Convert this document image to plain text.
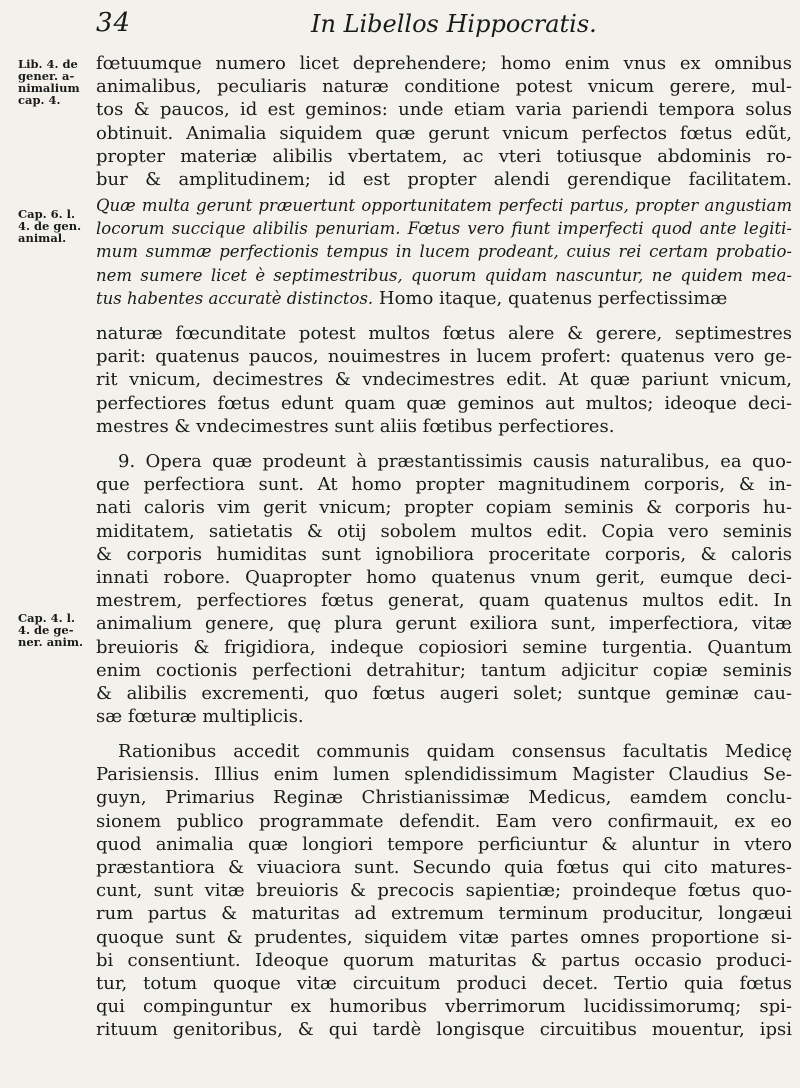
34	In Libellos Hippocratis.
Lib. 4. de
gener. a-
nimalium
cap. 4.
Cap. 6. l.
4. de gen.
animal.
Cap. 4. l.
4. de ge-
ner. anim.
fœtuumque numero licet deprehendere; homo enim vnus ex omnibus
animalibus, peculiaris naturæ conditione potest vnicum gerere, mul-
tos & paucos, id est geminos: unde etiam varia pariendi tempora solus
obtinuit. Animalia siquidem quæ gerunt vnicum perfectos fœtus edũt,
propter materiæ alibilis vbertatem, ac vteri totiusque abdominis ro-
bur & amplitudinem; id est propter alendi gerendique facilitatem.
Quæ multa gerunt præuertunt opportunitatem perfecti partus, propter angustiam
locorum succique alibilis penuriam. Fœtus vero fiunt imperfecti quod ante legiti-
mum summæ perfectionis tempus in lucem prodeant, cuius rei certam probatio-
nem sumere licet è septimestribus, quorum quidam nascuntur, ne quidem mea-
tus habentes accuratè distinctos. Homo itaque, quatenus perfectissimæ
naturæ fœcunditate potest multos fœtus alere & gerere, septimestres
parit: quatenus paucos, nouimestres in lucem profert: quatenus vero ge-
rit vnicum, decimestres & vndecimestres edit. At quæ pariunt vnicum,
perfectiores fœtus edunt quam quæ geminos aut multos; ideoque deci-
mestres & vndecimestres sunt aliis fœtibus perfectiores.
9. Opera quæ prodeunt à præstantissimis causis naturalibus, ea quo-
que perfectiora sunt. At homo propter magnitudinem corporis, & in-
nati caloris vim gerit vnicum; propter copiam seminis & corporis hu-
miditatem, satietatis & otij sobolem multos edit. Copia vero seminis
& corporis humiditas sunt ignobiliora proceritate corporis, & caloris
innati robore. Quapropter homo quatenus vnum gerit, eumque deci-
mestrem, perfectiores fœtus generat, quam quatenus multos edit. In
animalium genere, quę plura gerunt exiliora sunt, imperfectiora, vitæ
breuioris & frigidiora, indeque copiosiori semine turgentia. Quantum
enim coctionis perfectioni detrahitur; tantum adjicitur copiæ seminis
& alibilis excrementi, quo fœtus augeri solet; suntque geminæ cau-
sæ fœturæ multiplicis.
Rationibus accedit communis quidam consensus facultatis Medicę
Parisiensis. Illius enim lumen splendidissimum Magister Claudius Se-
guyn, Primarius Reginæ Christianissimæ Medicus, eamdem conclu-
sionem publico programmate defendit. Eam vero confirmauit, ex eo
quod animalia quæ longiori tempore perficiuntur & aluntur in vtero
præstantiora & viuaciora sunt. Secundo quia fœtus qui cito matures-
cunt, sunt vitæ breuioris & precocis sapientiæ; proindeque fœtus quo-
rum partus & maturitas ad extremum terminum producitur, longæui
quoque sunt & prudentes, siquidem vitæ partes omnes proportione si-
bi consentiunt. Ideoque quorum maturitas & partus occasio produci-
tur, totum quoque vitæ circuitum produci decet. Tertio quia fœtus
qui compinguntur ex humoribus vberrimorum lucidissimorumq; spi-
rituum genitoribus, & qui tardè longisque circuitibus mouentur, ipsi
